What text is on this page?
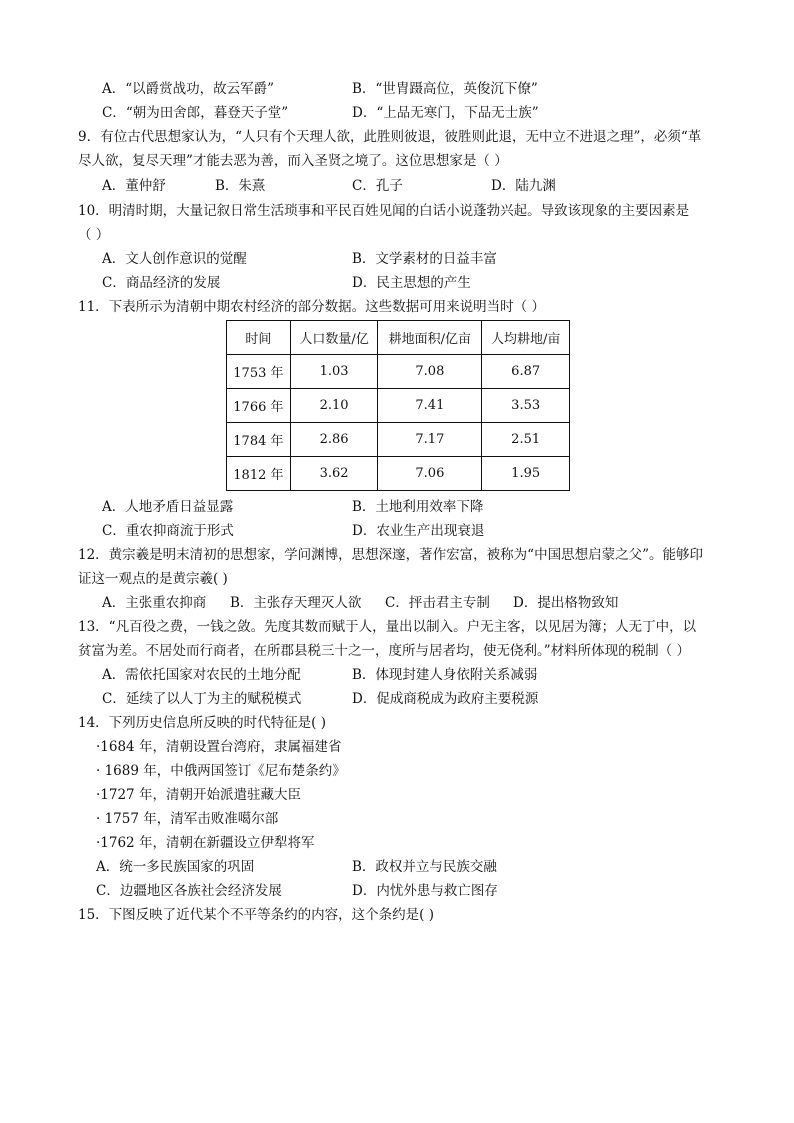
A．“以爵赏战功，故云军爵”	B．“世胄蹑高位，英俊沉下僚”
C．“朝为田舍郎，暮登天子堂”	D．“上品无寒门，下品无士族”
9．有位古代思想家认为，“人只有个天理人欲，此胜则彼退，彼胜则此退，无中立不进退之理”，必须“革
尽人欲，复尽天理”才能去恶为善，而入圣贤之境了。这位思想家是（ ）
A．董仲舒	B．朱熹	C．孔子	D．陆九渊
10．明清时期，大量记叙日常生活琐事和平民百姓见闻的白话小说蓬勃兴起。导致该现象的主要因素是
（ ）
A．文人创作意识的觉醒	B．文学素材的日益丰富
C．商品经济的发展	D．民主思想的产生
11．下表所示为清朝中期农村经济的部分数据。这些数据可用来说明当时（ ）
时间	人口数量/亿	耕地面积/亿亩	人均耕地/亩
1753 年	1.03	7.08	6.87
1766 年	2.10	7.41	3.53
1784 年	2.86	7.17	2.51
1812 年	3.62	7.06	1.95
A．人地矛盾日益显露	B．土地利用效率下降
C．重农抑商流于形式	D．农业生产出现衰退
12．黄宗羲是明末清初的思想家，学问渊博，思想深邃，著作宏富，被称为“中国思想启蒙之父”。能够印
证这一观点的是黄宗羲( )
A．主张重农抑商 B．主张存天理灭人欲 C．抨击君主专制 D．提出格物致知
13．“凡百役之费，一钱之敛。先度其数而赋于人，量出以制入。户无主客，以见居为簿；人无丁中，以
贫富为差。不居处而行商者，在所郡县税三十之一，度所与居者均，使无侥利。”材料所体现的税制（ ）
A．需依托国家对农民的土地分配	B．体现封建人身依附关系减弱
C．延续了以人丁为主的赋税模式	D．促成商税成为政府主要税源
14．下列历史信息所反映的时代特征是( )
·1684 年，清朝设置台湾府，隶属福建省
· 1689 年，中俄两国签订《尼布楚条约》
·1727 年，清朝开始派遣驻藏大臣
· 1757 年，清军击败准噶尔部
·1762 年，清朝在新疆设立伊犁将军
A．统一多民族国家的巩固	B．政权并立与民族交融
C．边疆地区各族社会经济发展	D．内忧外患与救亡图存
15．下图反映了近代某个不平等条约的内容，这个条约是( )
